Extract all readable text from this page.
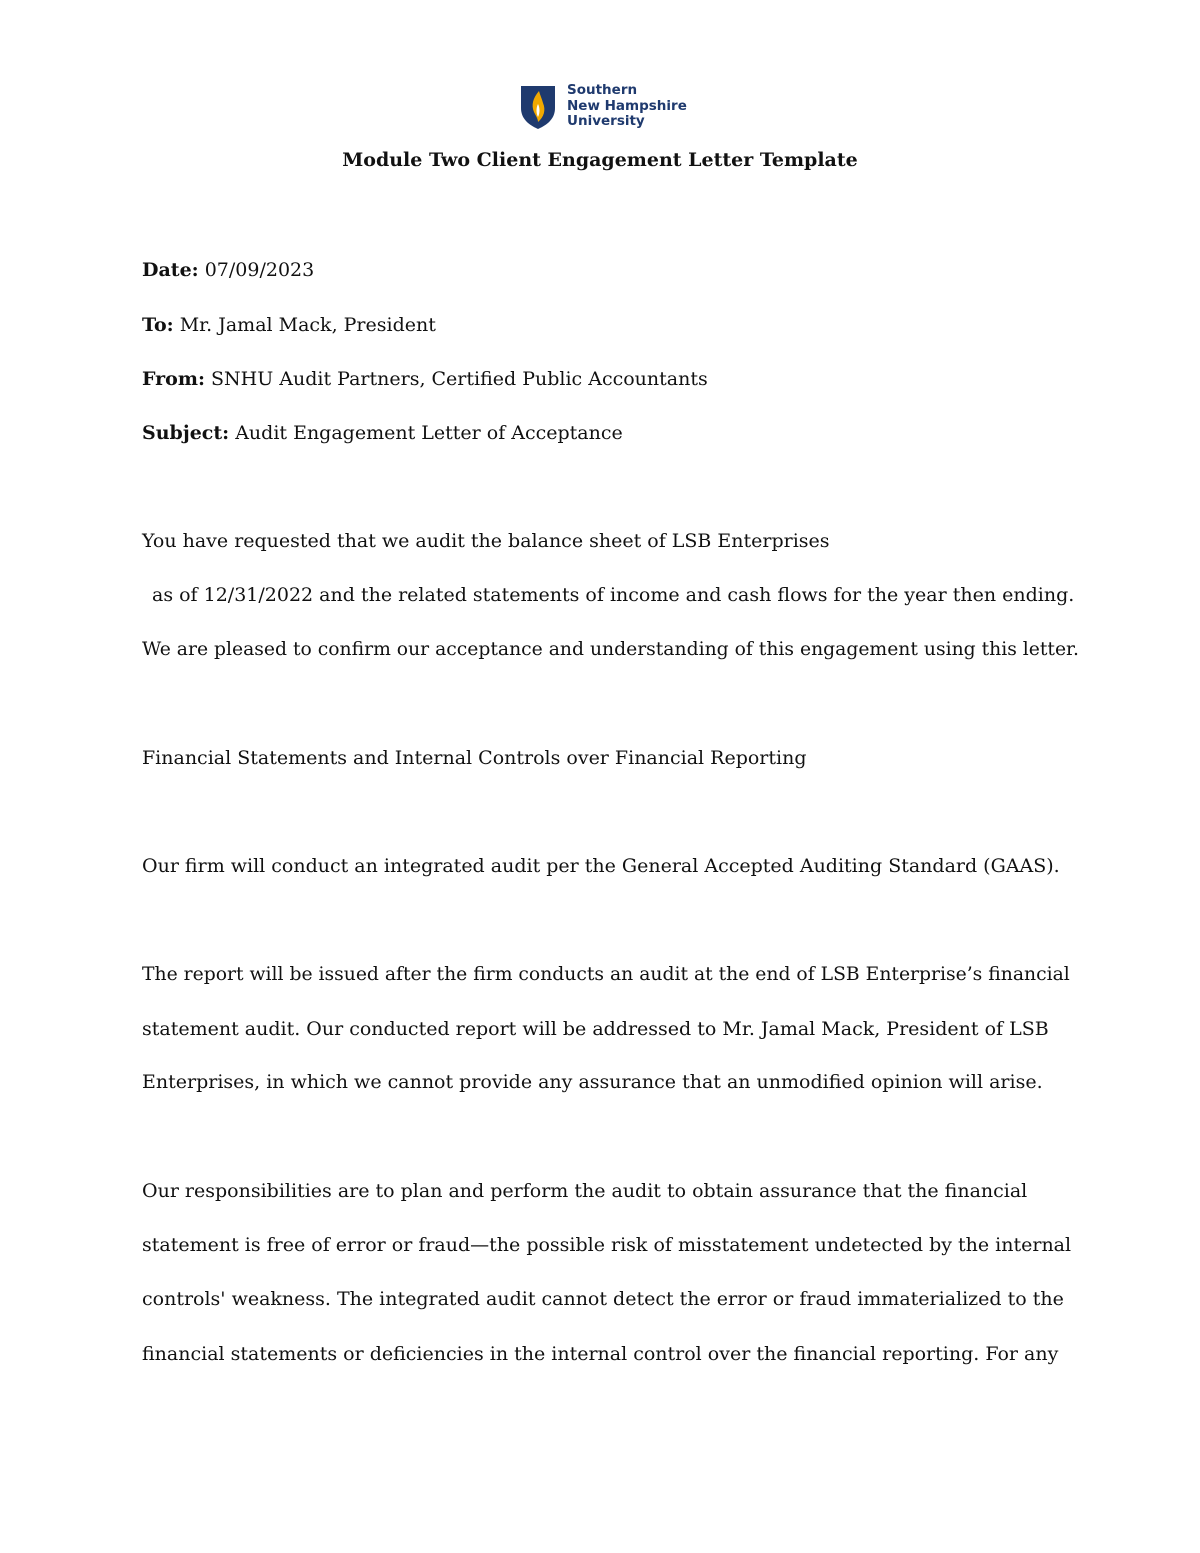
Southern
New Hampshire
University
Module Two Client Engagement Letter Template

Date: 07/09/2023

To: Mr. Jamal Mack, President

From: SNHU Audit Partners, Certified Public Accountants

Subject: Audit Engagement Letter of Acceptance

You have requested that we audit the balance sheet of LSB Enterprises

as of 12/31/2022 and the related statements of income and cash flows for the year then ending.

We are pleased to confirm our acceptance and understanding of this engagement using this letter.

Financial Statements and Internal Controls over Financial Reporting

Our firm will conduct an integrated audit per the General Accepted Auditing Standard (GAAS).

The report will be issued after the firm conducts an audit at the end of LSB Enterprise’s financial

statement audit. Our conducted report will be addressed to Mr. Jamal Mack, President of LSB

Enterprises, in which we cannot provide any assurance that an unmodified opinion will arise.

Our responsibilities are to plan and perform the audit to obtain assurance that the financial

statement is free of error or fraud—the possible risk of misstatement undetected by the internal

controls' weakness. The integrated audit cannot detect the error or fraud immaterialized to the

financial statements or deficiencies in the internal control over the financial reporting. For any
